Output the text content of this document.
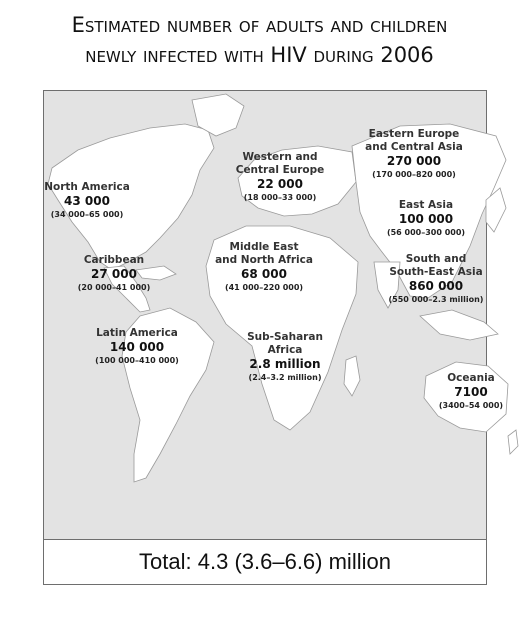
Estimated number of adults and children
newly infected with HIV during 2006
North America
43 000
(34 000–65 000)
Caribbean
27 000
(20 000–41 000)
Latin America
140 000
(100 000–410 000)
Western and
Central Europe
22 000
(18 000–33 000)
Middle East
and North Africa
68 000
(41 000–220 000)
Sub-Saharan
Africa
2.8 million
(2.4–3.2 million)
Eastern Europe
and Central Asia
270 000
(170 000–820 000)
East Asia
100 000
(56 000–300 000)
South and
South-East Asia
860 000
(550 000–2.3 million)
Oceania
7100
(3400–54 000)
Total: 4.3 (3.6–6.6) million
